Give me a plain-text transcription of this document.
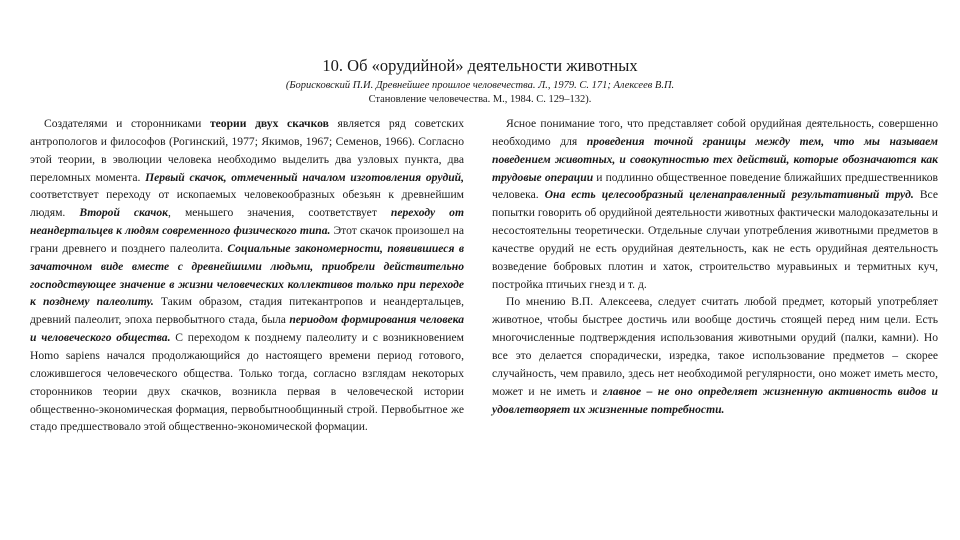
10. Об «орудийной» деятельности животных
(Борисковский П.И. Древнейшее прошлое человечества. Л., 1979. С. 171; Алексеев В.П.
Становление человечества. М., 1984. С. 129–132).

Создателями и сторонниками теории двух скачков является ряд советских антропологов и философов (Рогинский, 1977; Якимов, 1967; Семенов, 1966). Согласно этой теории, в эволюции человека необходимо выделить два узловых пункта, два переломных момента. Первый скачок, отмеченный началом изготовления орудий, соответствует переходу от ископаемых человекообразных обезьян к древнейшим людям. Второй скачок, меньшего значения, соответствует переходу от неандертальцев к людям современного физического типа. Этот скачок произошел на грани древнего и позднего палеолита. Социальные закономерности, появившиеся в зачаточном виде вместе с древнейшими людьми, приобрели действительно господствующее значение в жизни человеческих коллективов только при переходе к позднему палеолиту. Таким образом, стадия питекантропов и неандертальцев, древний палеолит, эпоха первобытного стада, была периодом формирования человека и человеческого общества. С переходом к позднему палеолиту и с возникновением Homo sapiens начался продолжающийся до настоящего времени период готового, сложившегося человеческого общества. Только тогда, согласно взглядам некоторых сторонников теории двух скачков, возникла первая в человеческой истории общественно-экономическая формация, первобытнообщинный строй. Первобытное же стадо предшествовало этой общественно-экономической формации.

Ясное понимание того, что представляет собой орудийная деятельность, совершенно необходимо для проведения точной границы между тем, что мы называем поведением животных, и совокупностью тех действий, которые обозначаются как трудовые операции и подлинно общественное поведение ближайших предшественников человека. Она есть целесообразный целенаправленный результативный труд. Все попытки говорить об орудийной деятельности животных фактически малодоказательны и несостоятельны теоретически. Отдельные случаи употребления животными предметов в качестве орудий не есть орудийная деятельность, как не есть орудийная деятельность возведение бобровых плотин и хаток, строительство муравьиных и термитных куч, постройка птичьих гнезд и т. д.

По мнению В.П. Алексеева, следует считать любой предмет, который употребляет животное, чтобы быстрее достичь или вообще достичь стоящей перед ним цели. Есть многочисленные подтверждения использования животными орудий (палки, камни). Но все это делается спорадически, изредка, такое использование предметов – скорее случайность, чем правило, здесь нет необходимой регулярности, оно может иметь место, может и не иметь и главное – не оно определяет жизненную активность видов и удовлетворяет их жизненные потребности.
